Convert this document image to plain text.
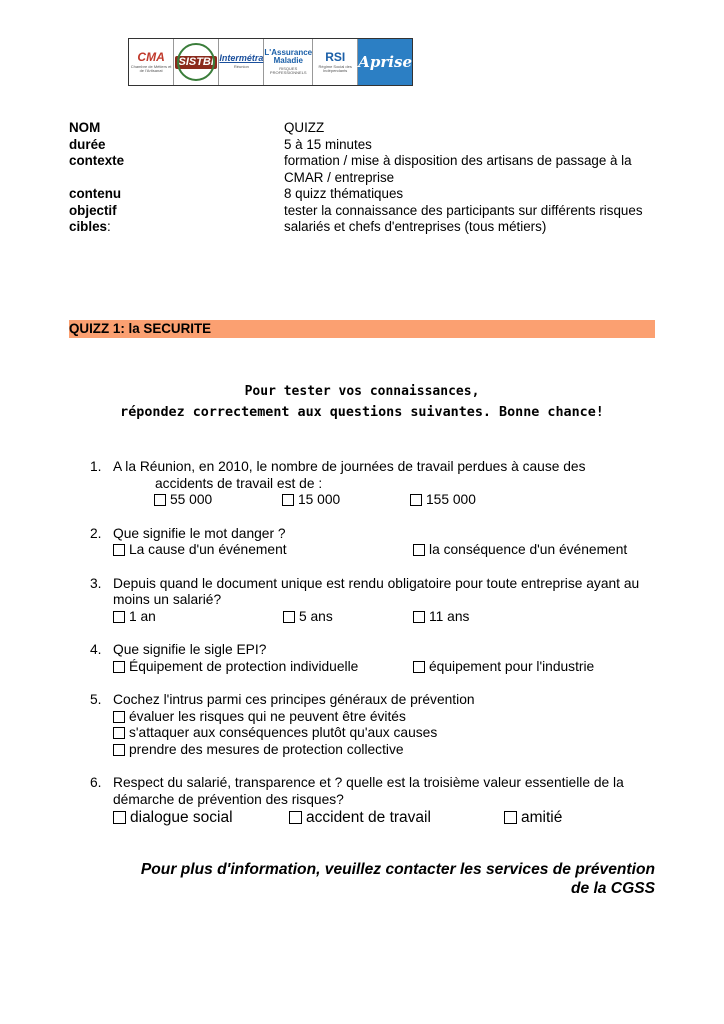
CMA
Chambre de Métiers et de l'Artisanat
SISTBI Intermétra
Réunion
L'Assurance Maladie
RISQUES PROFESSIONNELS
RSI
Régime Social des Indépendants Aprise
NOM	QUIZZ
durée	5 à 15 minutes
contexte	formation / mise à disposition des artisans de passage à la CMAR / entreprise
contenu	8 quizz thématiques
objectif	tester la connaissance des participants sur différents risques
cibles:	salariés et chefs d'entreprises (tous métiers)
QUIZZ 1: la SECURITE
Pour tester vos connaissances,
répondez correctement aux questions suivantes. Bonne chance!
1. A la Réunion, en 2010, le nombre de journées de travail perdues à cause des
accidents de travail est de :
55 000	15 000	155 000
2. Que signifie le mot danger ?
La cause d'un événement	la conséquence d'un événement
3. Depuis quand le document unique est rendu obligatoire pour toute entreprise ayant au moins un salarié?
1 an	5 ans	11 ans
4. Que signifie le sigle EPI?
Équipement de protection individuelle	équipement pour l'industrie
5. Cochez l'intrus parmi ces principes généraux de prévention
évaluer les risques qui ne peuvent être évités
s'attaquer aux conséquences plutôt qu'aux causes
prendre des mesures de protection collective
6. Respect du salarié, transparence et ? quelle est la troisième valeur essentielle de la démarche de prévention des risques?
dialogue social	accident de travail	amitié
Pour plus d'information, veuillez contacter les services de prévention
de la CGSS
